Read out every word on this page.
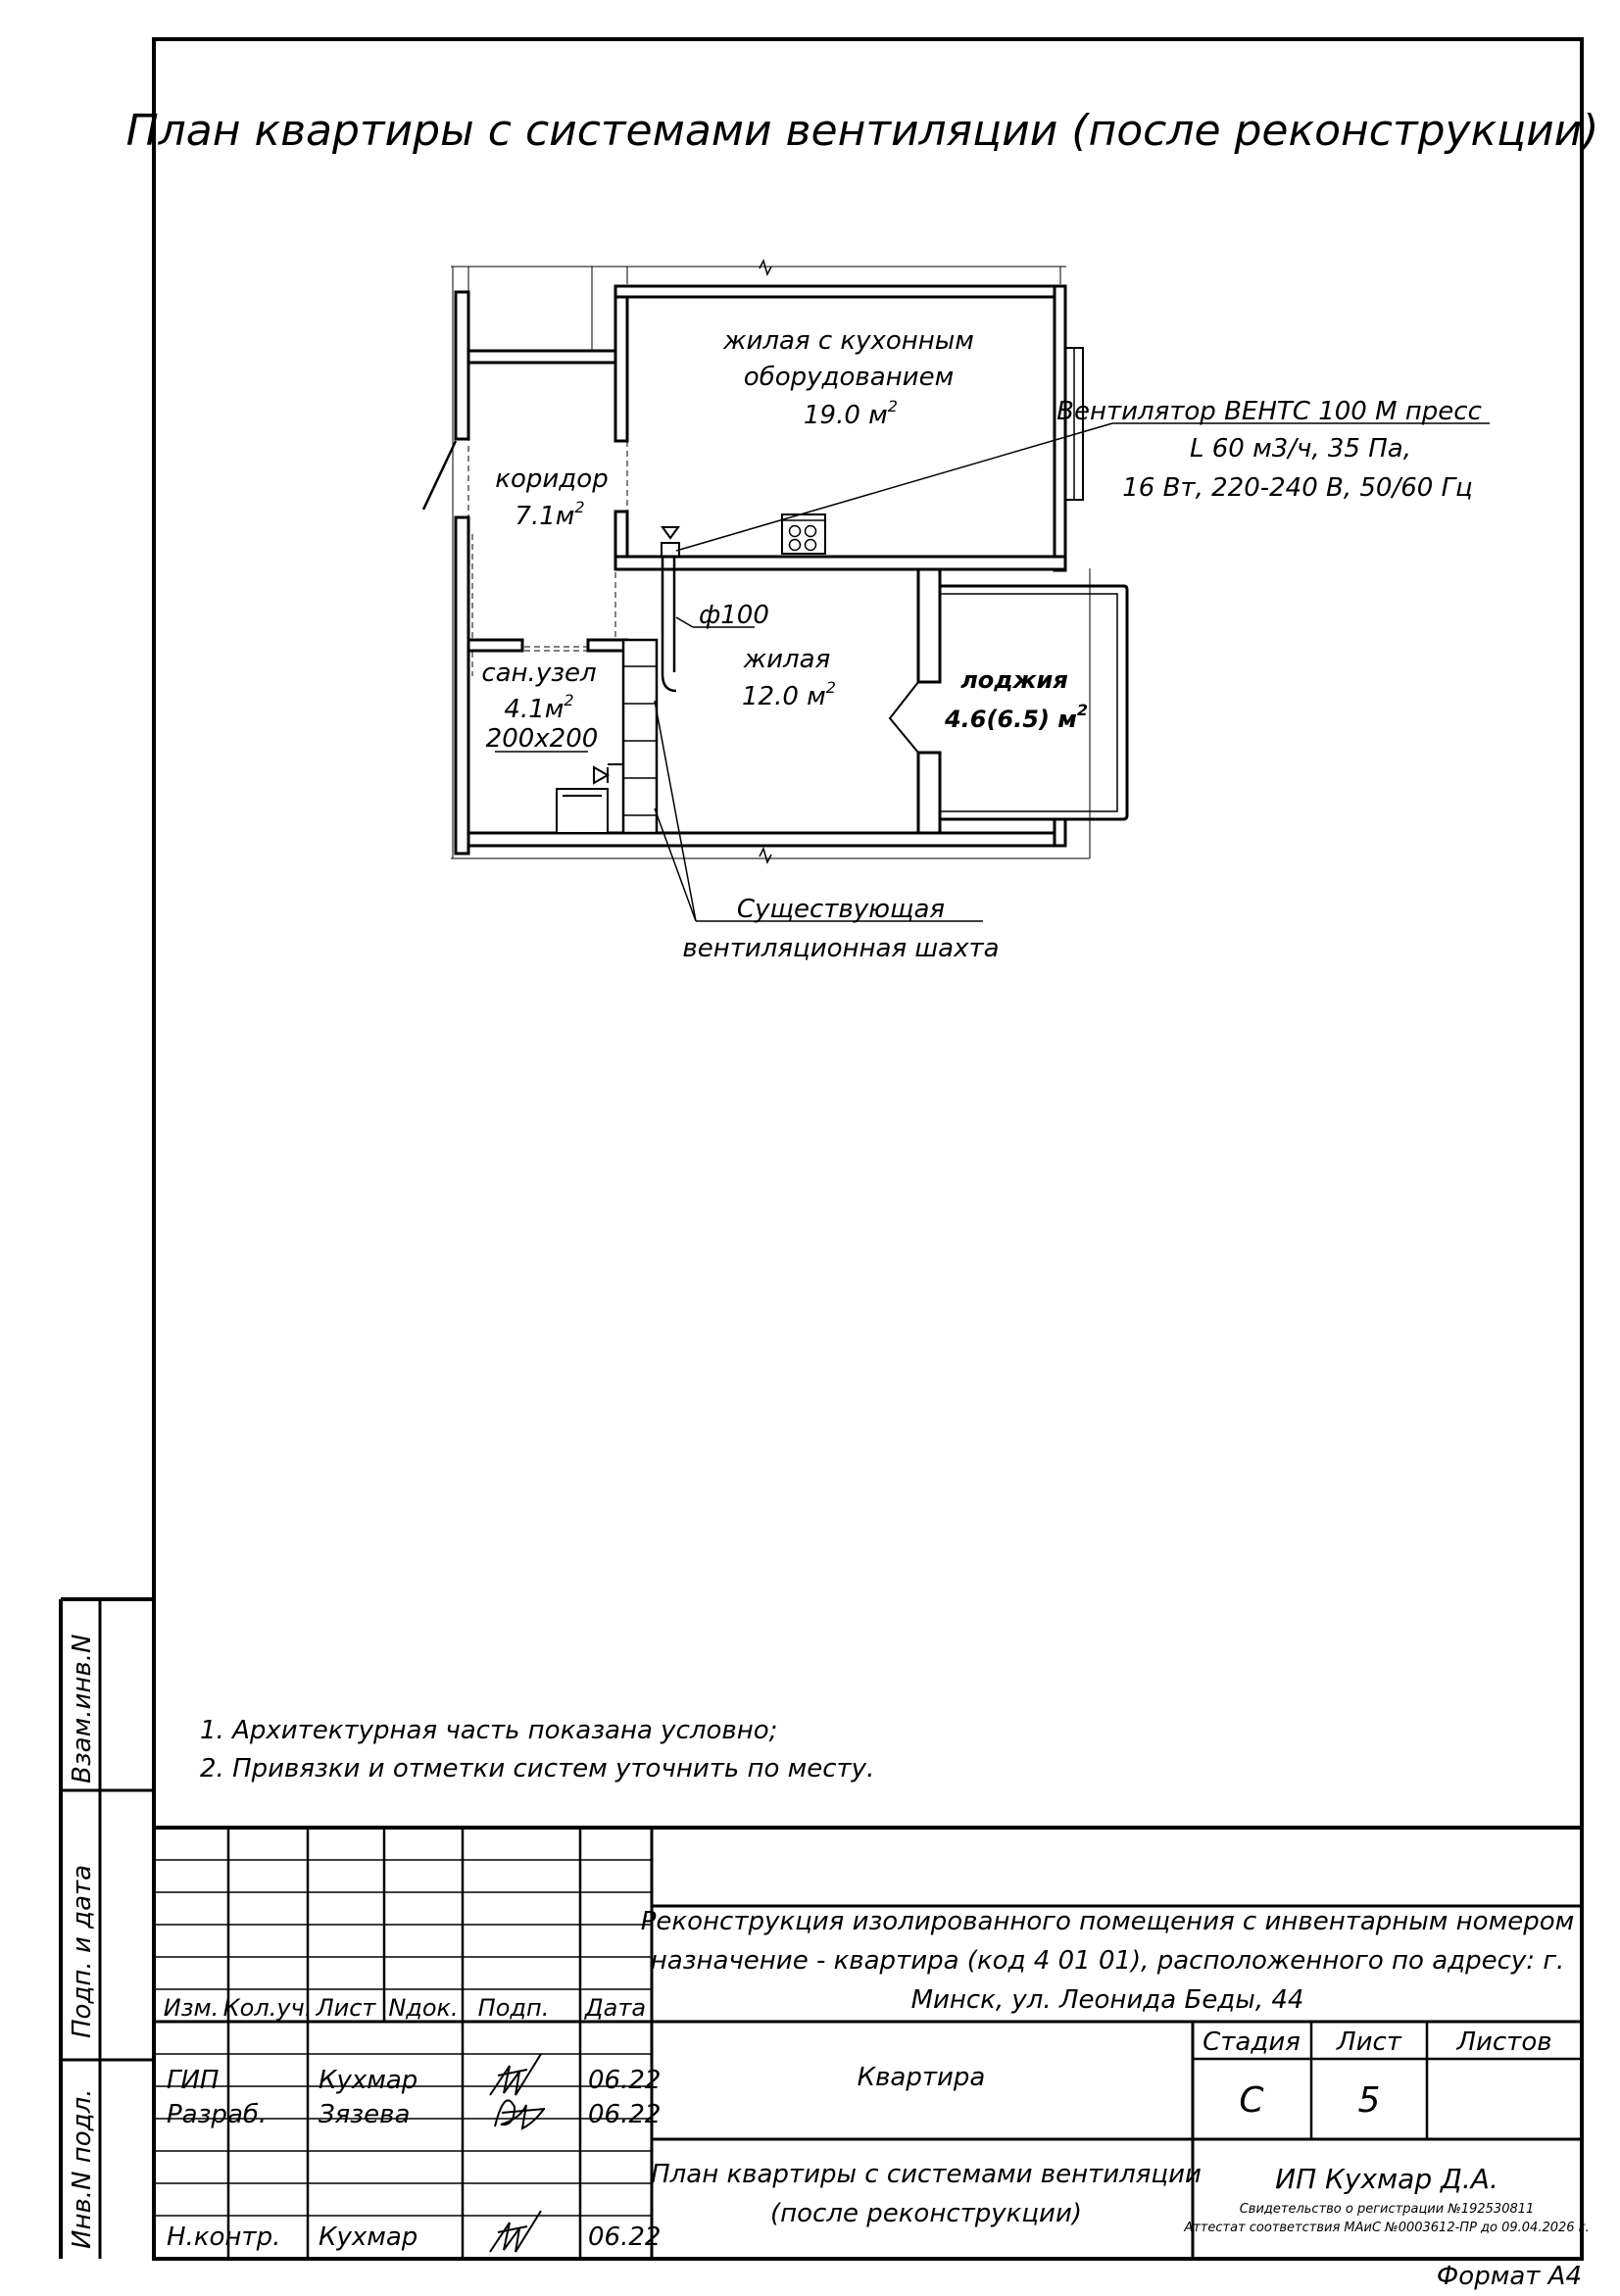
План квартиры с системами вентиляции (после реконструкции)
ф100
жилая с кухонным
оборудованием
19.0 $м^2$
коридор
$7.1м^2$
жилая
12.0 $м^2$
сан.узел
$4.1м^2$
200х200
лоджия
4.6(6.5) $м^2$
Вентилятор ВЕНТС 100 М пресс
L 60 м3/ч, 35 Па,
16 Вт, 220-240 В, 50/60 Гц
Существующая
вентиляционная шахта
1. Архитектурная часть показана условно;
2. Привязки и отметки систем уточнить по месту.
Взам.инв.N
Подп. и дата
Инв.N подл.
Изм. Кол.уч. Лист Nдок. Подп. Дата
ГИП	Кухмар	06.22
Разраб. Зязева	06.22
Н.контр. Кухмар	06.22
Реконструкция изолированного помещения с инвентарным номером
назначение - квартира (код 4 01 01), расположенного по адресу: г.
Минск, ул. Леонида Беды, 44
Квартира
Стадия Лист Листов
С	5
План квартиры с системами вентиляции
(после реконструкции)
ИП Кухмар Д.А.
Свидетельство о регистрации №192530811
Аттестат соответствия МАиС №0003612-ПР до 09.04.2026 г.
Формат А4
